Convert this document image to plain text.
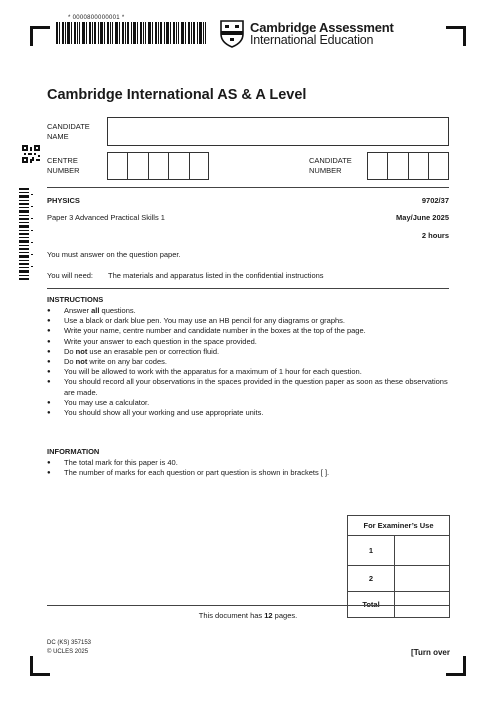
* 0000800000001 *
Cambridge Assessment
International Education
Cambridge International AS & A Level
CANDIDATE
NAME
CENTRE
NUMBER
CANDIDATE
NUMBER
PHYSICS	9702/37
Paper 3 Advanced Practical Skills 1	May/June 2025
2 hours
You must answer on the question paper.
You will need: The materials and apparatus listed in the confidential instructions
INSTRUCTIONS
● Answer all questions.
● Use a black or dark blue pen. You may use an HB pencil for any diagrams or graphs.
● Write your name, centre number and candidate number in the boxes at the top of the page.
● Write your answer to each question in the space provided.
● Do not use an erasable pen or correction fluid.
● Do not write on any bar codes.
● You will be allowed to work with the apparatus for a maximum of 1 hour for each question.
● You should record all your observations in the spaces provided in the question paper as soon as these observations are made.
● You may use a calculator.
● You should show all your working and use appropriate units.
INFORMATION
● The total mark for this paper is 40.
● The number of marks for each question or part question is shown in brackets [ ].
For Examiner’s Use	
1	
2	
Total	
This document has 12 pages.
DC (KS) 357153
© UCLES 2025	[Turn over
